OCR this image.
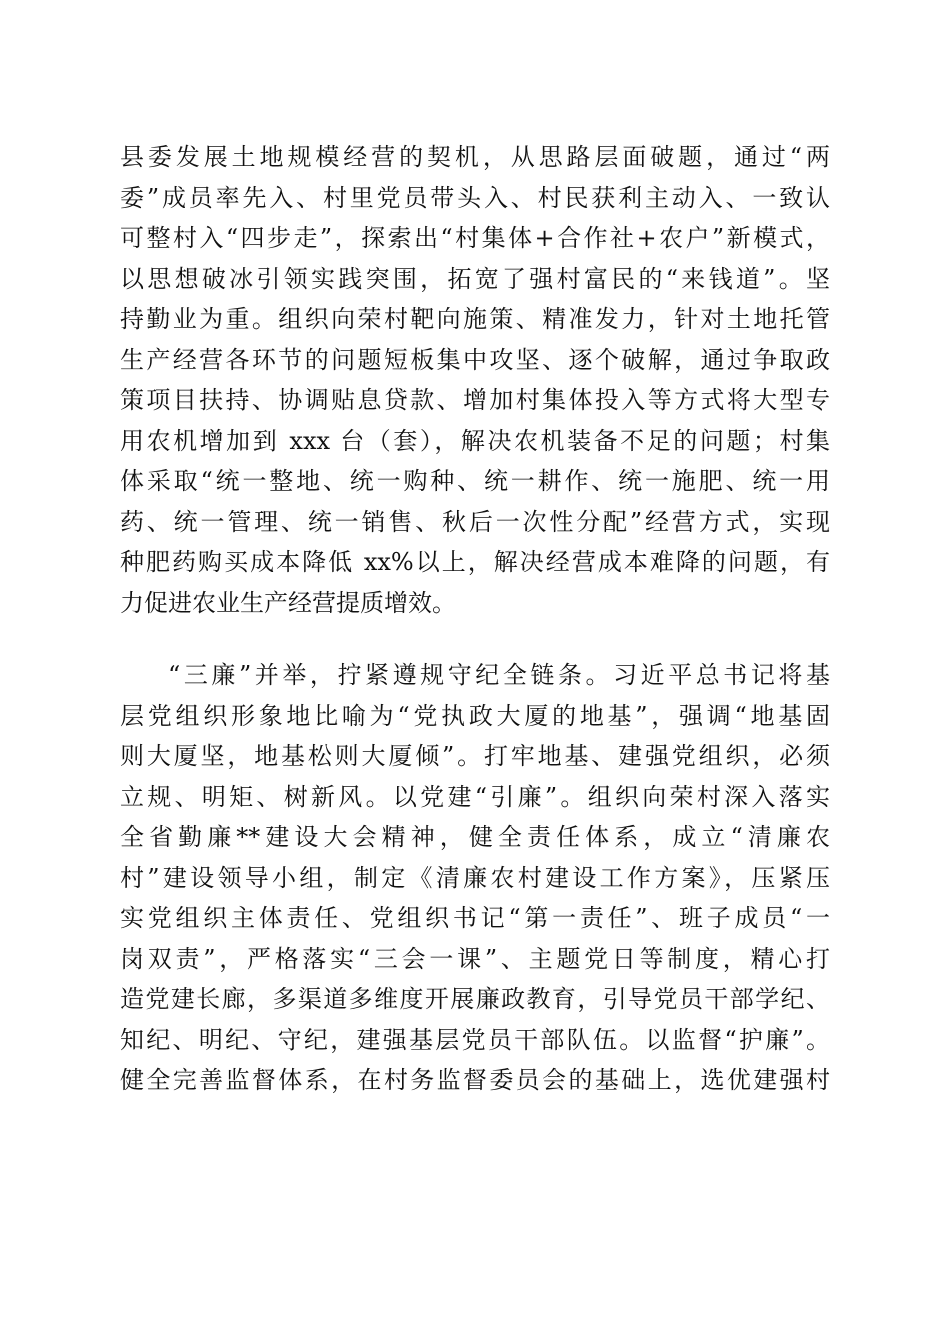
县委发展土地规模经营的契机，从思路层面破题，通过“两
委”成员率先入、村里党员带头入、村民获利主动入、一致认
可整村入“四步走”，探索出“村集体+合作社+农户”新模式，
以思想破冰引领实践突围，拓宽了强村富民的“来钱道”。坚
持勤业为重。组织向荣村靶向施策、精准发力，针对土地托管
生产经营各环节的问题短板集中攻坚、逐个破解，通过争取政
策项目扶持、协调贴息贷款、增加村集体投入等方式将大型专
用农机增加到 xxx 台（套），解决农机装备不足的问题；村集
体采取“统一整地、统一购种、统一耕作、统一施肥、统一用
药、统一管理、统一销售、秋后一次性分配”经营方式，实现
种肥药购买成本降低 xx%以上，解决经营成本难降的问题，有
力促进农业生产经营提质增效。
“三廉”并举，拧紧遵规守纪全链条。习近平总书记将基
层党组织形象地比喻为“党执政大厦的地基”，强调“地基固
则大厦坚，地基松则大厦倾”。打牢地基、建强党组织，必须
立规、明矩、树新风。以党建“引廉”。组织向荣村深入落实
全省勤廉**建设大会精神，健全责任体系，成立“清廉农
村”建设领导小组，制定《清廉农村建设工作方案》，压紧压
实党组织主体责任、党组织书记“第一责任”、班子成员“一
岗双责”，严格落实“三会一课”、主题党日等制度，精心打
造党建长廊，多渠道多维度开展廉政教育，引导党员干部学纪、
知纪、明纪、守纪，建强基层党员干部队伍。以监督“护廉”。
健全完善监督体系，在村务监督委员会的基础上，选优建强村
